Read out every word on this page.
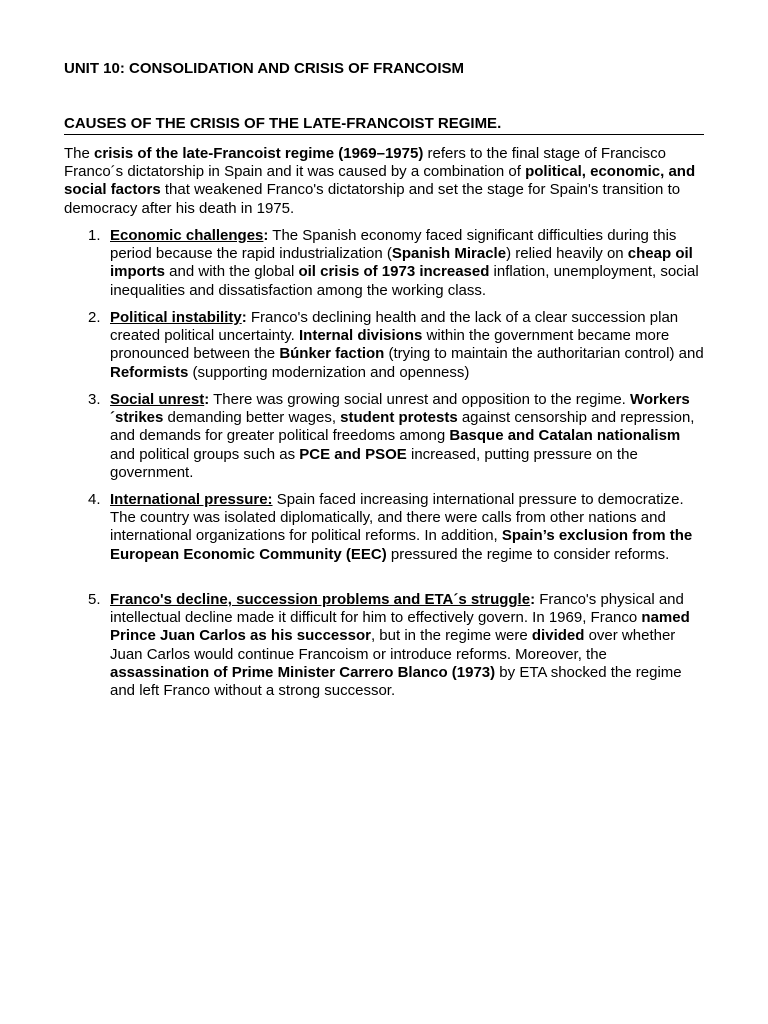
UNIT 10: CONSOLIDATION AND CRISIS OF FRANCOISM
CAUSES OF THE CRISIS OF THE LATE-FRANCOIST REGIME.

The crisis of the late-Francoist regime (1969–1975) refers to the final stage of Francisco Franco´s dictatorship in Spain and it was caused by a combination of political, economic, and social factors that weakened Franco's dictatorship and set the stage for Spain's transition to democracy after his death in 1975.

1. Economic challenges: The Spanish economy faced significant difficulties during this period because the rapid industrialization (Spanish Miracle) relied heavily on cheap oil imports and with the global oil crisis of 1973 increased inflation, unemployment, social inequalities and dissatisfaction among the working class.
2. Political instability: Franco's declining health and the lack of a clear succession plan created political uncertainty. Internal divisions within the government became more pronounced between the Búnker faction (trying to maintain the authoritarian control) and Reformists (supporting modernization and openness)
3. Social unrest: There was growing social unrest and opposition to the regime. Workers´strikes demanding better wages, student protests against censorship and repression, and demands for greater political freedoms among Basque and Catalan nationalism and political groups such as PCE and PSOE increased, putting pressure on the government.
4. International pressure: Spain faced increasing international pressure to democratize. The country was isolated diplomatically, and there were calls from other nations and international organizations for political reforms. In addition, Spain’s exclusion from the European Economic Community (EEC) pressured the regime to consider reforms.
5. Franco's decline, succession problems and ETA´s struggle: Franco's physical and intellectual decline made it difficult for him to effectively govern. In 1969, Franco named Prince Juan Carlos as his successor, but in the regime were divided over whether Juan Carlos would continue Francoism or introduce reforms. Moreover, the assassination of Prime Minister Carrero Blanco (1973) by ETA shocked the regime and left Franco without a strong successor.
